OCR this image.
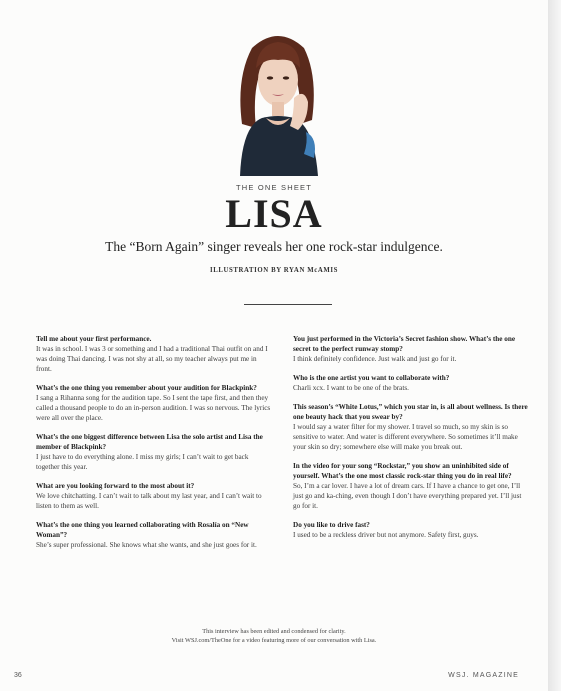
THE ONE SHEET
LISA
The “Born Again” singer reveals her one rock-star indulgence.
ILLUSTRATION BY RYAN McAMIS
Tell me about your first performance.
It was in school. I was 3 or something and I had a traditional Thai outfit on and I was doing Thai dancing. I was not shy at all, so my teacher always put me in front.
What’s the one thing you remember about your audition for Blackpink?
I sang a Rihanna song for the audition tape. So I sent the tape first, and then they called a thousand people to do an in-person audition. I was so nervous. The lyrics were all over the place.
What’s the one biggest difference between Lisa the solo artist and Lisa the member of Blackpink?
I just have to do everything alone. I miss my girls; I can’t wait to get back together this year.
What are you looking forward to the most about it?
We love chitchatting. I can’t wait to talk about my last year, and I can’t wait to listen to them as well.
What’s the one thing you learned collaborating with Rosalía on “New Woman”?
She’s super professional. She knows what she wants, and she just goes for it.
You just performed in the Victoria’s Secret fashion show. What’s the one secret to the perfect runway stomp?
I think definitely confidence. Just walk and just go for it.
Who is the one artist you want to collaborate with?
Charli xcx. I want to be one of the brats.
This season’s “White Lotus,” which you star in, is all about wellness. Is there one beauty hack that you swear by?
I would say a water filter for my shower. I travel so much, so my skin is so sensitive to water. And water is different everywhere. So sometimes it’ll make your skin so dry; somewhere else will make you break out.
In the video for your song “Rockstar,” you show an uninhibited side of yourself. What’s the one most classic rock-star thing you do in real life?
So, I’m a car lover. I have a lot of dream cars. If I have a chance to get one, I’ll just go and ka-ching, even though I don’t have everything prepared yet. I’ll just go for it.
Do you like to drive fast?
I used to be a reckless driver but not anymore. Safety first, guys.
This interview has been edited and condensed for clarity.
Visit WSJ.com/TheOne for a video featuring more of our conversation with Lisa.
36	WSJ. MAGAZINE
